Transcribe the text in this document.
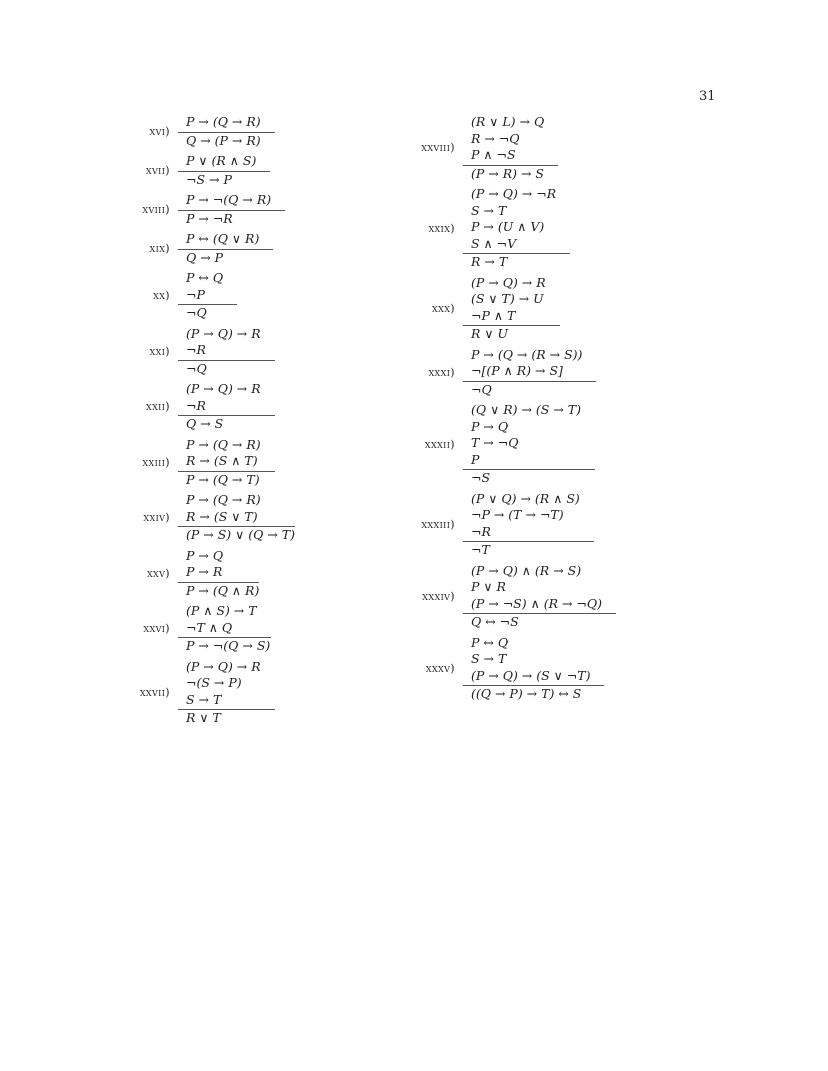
31
xvi)
P → (Q → R)
Q → (P → R)
xvii)
P ∨ (R ∧ S)
¬S → P
xviii)
P → ¬(Q → R)
P → ¬R
xix)
P ↔ (Q ∨ R)
Q → P
xx)
P ↔ Q
¬P
¬Q
xxi)
(P → Q) → R
¬R
¬Q
xxii)
(P → Q) → R
¬R
Q → S
xxiii)
P → (Q → R)
R → (S ∧ T)
P → (Q → T)
xxiv)
P → (Q → R)
R → (S ∨ T)
(P → S) ∨ (Q → T)
xxv)
P → Q
P → R
P → (Q ∧ R)
xxvi)
(P ∧ S) → T
¬T ∧ Q
P → ¬(Q → S)
xxvii)
(P → Q) → R
¬(S → P)
S → T
R ∨ T
xxviii)
(R ∨ L) → Q
R → ¬Q
P ∧ ¬S
(P → R) → S
xxix)
(P → Q) → ¬R
S → T
P → (U ∧ V)
S ∧ ¬V
R → T
xxx)
(P → Q) → R
(S ∨ T) → U
¬P ∧ T
R ∨ U
xxxi)
P → (Q → (R → S))
¬[(P ∧ R) → S]
¬Q
xxxii)
(Q ∨ R) → (S → T)
P → Q
T → ¬Q
P
¬S
xxxiii)
(P ∨ Q) → (R ∧ S)
¬P → (T → ¬T)
¬R
¬T
xxxiv)
(P → Q) ∧ (R → S)
P ∨ R
(P → ¬S) ∧ (R → ¬Q)
Q ↔ ¬S
xxxv)
P ↔ Q
S → T
(P → Q) → (S ∨ ¬T)
((Q → P) → T) ↔ S
